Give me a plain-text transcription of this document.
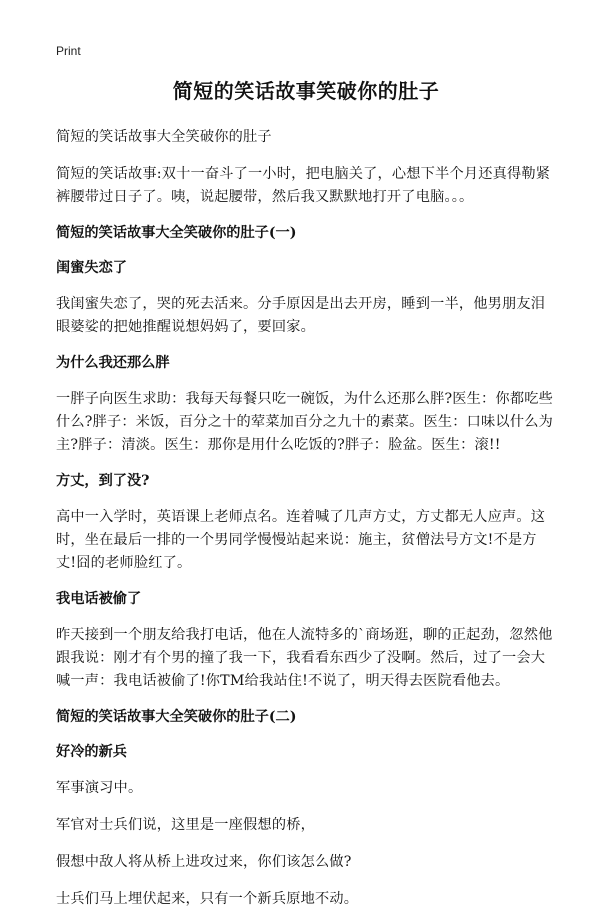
Print
简短的笑话故事笑破你的肚子

简短的笑话故事大全笑破你的肚子

简短的笑话故事:双十一奋斗了一小时，把电脑关了，心想下半个月还真得勒紧裤腰带过日子了。咦，说起腰带，然后我又默默地打开了电脑。。。

简短的笑话故事大全笑破你的肚子(一)
闺蜜失恋了

我闺蜜失恋了，哭的死去活来。分手原因是出去开房，睡到一半，他男朋友泪眼婆娑的把她推醒说想妈妈了，要回家。

为什么我还那么胖

一胖子向医生求助：我每天每餐只吃一碗饭，为什么还那么胖?医生：你都吃些什么?胖子：米饭，百分之十的荤菜加百分之九十的素菜。医生：口味以什么为主?胖子：清淡。医生：那你是用什么吃饭的?胖子：脸盆。医生：滚!!

方丈，到了没?

高中一入学时，英语课上老师点名。连着喊了几声方丈，方丈都无人应声。这时，坐在最后一排的一个男同学慢慢站起来说：施主，贫僧法号方文!不是方丈!囧的老师脸红了。

我电话被偷了

昨天接到一个朋友给我打电话，他在人流特多的`商场逛，聊的正起劲，忽然他跟我说：刚才有个男的撞了我一下，我看看东西少了没啊。然后，过了一会大喊一声：我电话被偷了!你TM给我站住!不说了，明天得去医院看他去。

简短的笑话故事大全笑破你的肚子(二)
好冷的新兵

军事演习中。

军官对士兵们说，这里是一座假想的桥，

假想中敌人将从桥上进攻过来，你们该怎么做?

士兵们马上埋伏起来，只有一个新兵原地不动。
